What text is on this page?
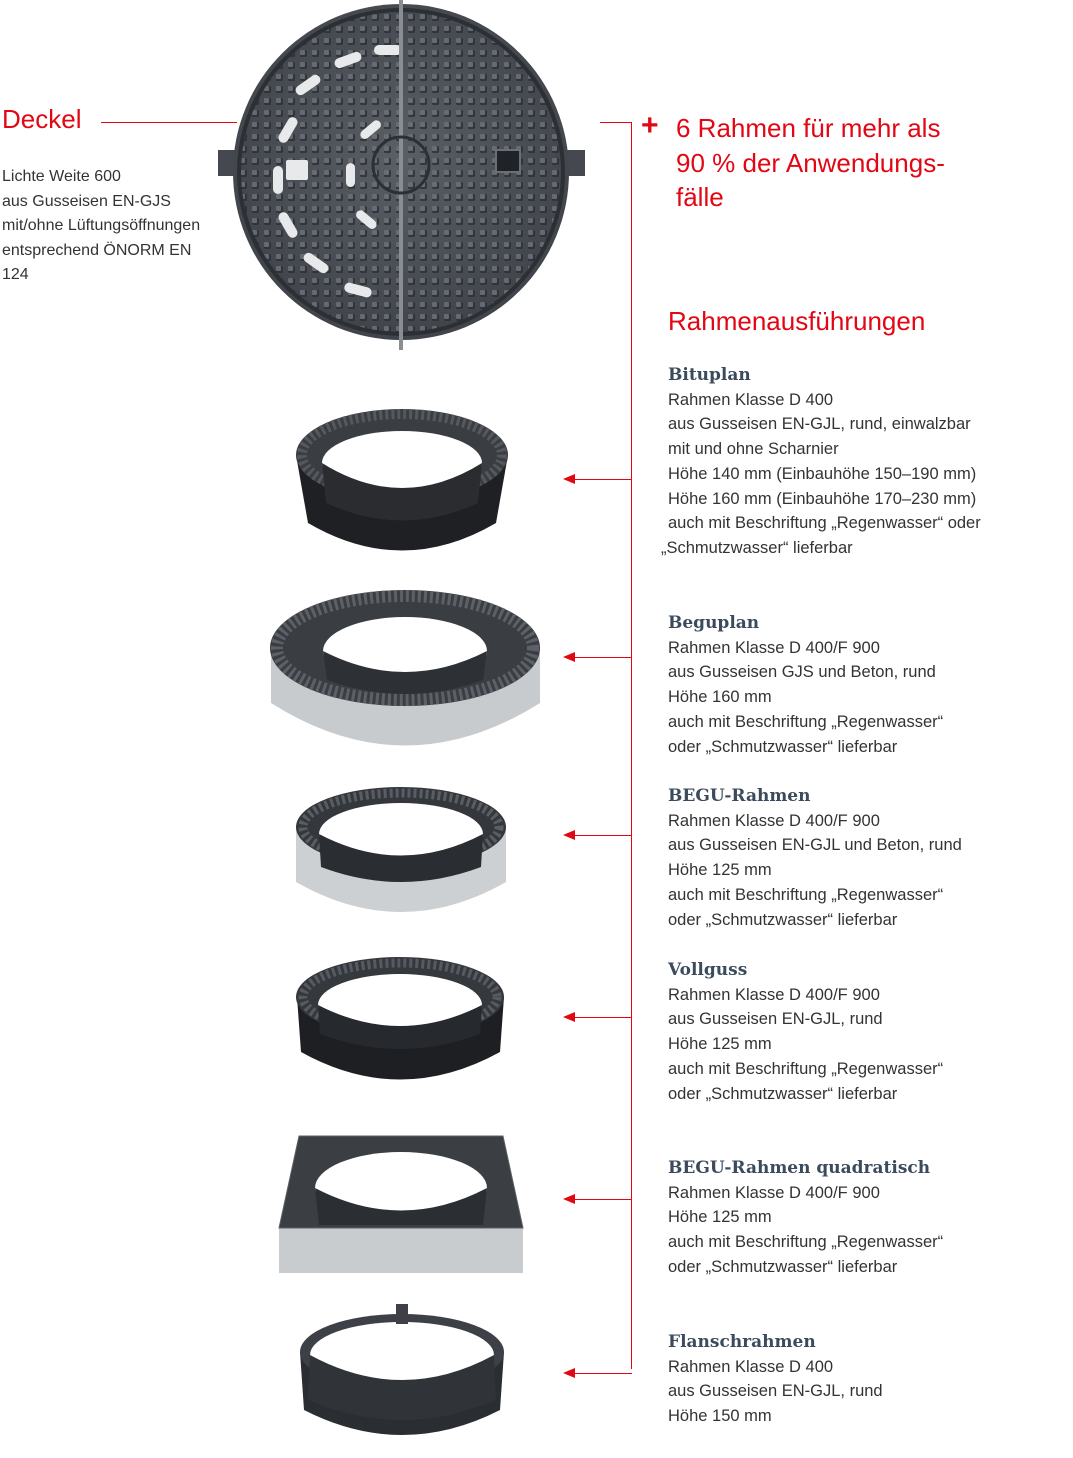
Deckel
Lichte Weite 600
aus Gusseisen EN-GJS
mit/ohne Lüftungsöffnungen
entsprechend ÖNORM EN
124
+ 6 Rahmen für mehr als
90 % der Anwendungs-
fälle
Rahmenausführungen
Bituplan
Rahmen Klasse D 400
aus Gusseisen EN-GJL, rund, einwalzbar
mit und ohne Scharnier
Höhe 140 mm (Einbauhöhe 150–190 mm)
Höhe 160 mm (Einbauhöhe 170–230 mm)
auch mit Beschriftung „Regenwasser“ oder
„Schmutzwasser“ lieferbar
Beguplan
Rahmen Klasse D 400/F 900
aus Gusseisen GJS und Beton, rund
Höhe 160 mm
auch mit Beschriftung „Regenwasser“
oder „Schmutzwasser“ lieferbar
BEGU-Rahmen
Rahmen Klasse D 400/F 900
aus Gusseisen EN-GJL und Beton, rund
Höhe 125 mm
auch mit Beschriftung „Regenwasser“
oder „Schmutzwasser“ lieferbar
Vollguss
Rahmen Klasse D 400/F 900
aus Gusseisen EN-GJL, rund
Höhe 125 mm
auch mit Beschriftung „Regenwasser“
oder „Schmutzwasser“ lieferbar
BEGU-Rahmen quadratisch
Rahmen Klasse D 400/F 900
Höhe 125 mm
auch mit Beschriftung „Regenwasser“
oder „Schmutzwasser“ lieferbar
Flanschrahmen
Rahmen Klasse D 400
aus Gusseisen EN-GJL, rund
Höhe 150 mm
